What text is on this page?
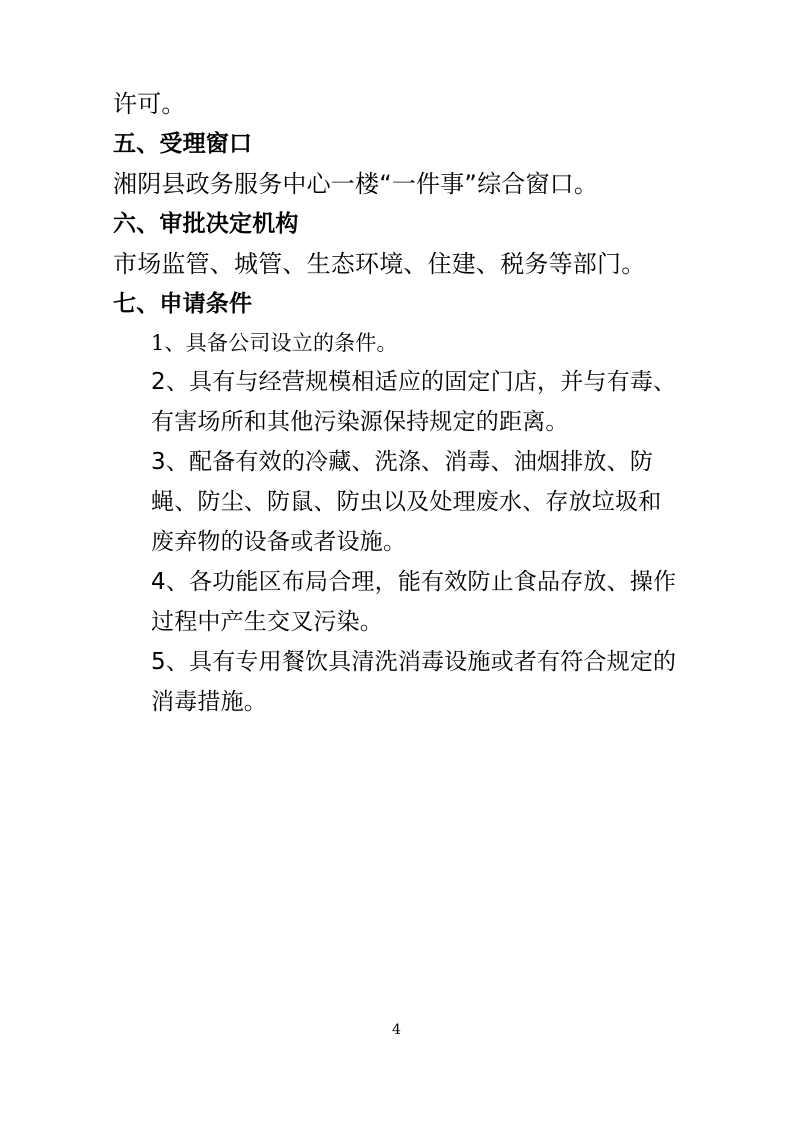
许可。
五、受理窗口
湘阴县政务服务中心一楼“一件事”综合窗口。
六、审批决定机构
市场监管、城管、生态环境、住建、税务等部门。
七、申请条件
1、具备公司设立的条件。
2、具有与经营规模相适应的固定门店，并与有毒、有害场所和其他污染源保持规定的距离。
3、配备有效的冷藏、洗涤、消毒、油烟排放、防蝇、防尘、防鼠、防虫以及处理废水、存放垃圾和废弃物的设备或者设施。
4、各功能区布局合理，能有效防止食品存放、操作过程中产生交叉污染。
5、具有专用餐饮具清洗消毒设施或者有符合规定的消毒措施。
4
